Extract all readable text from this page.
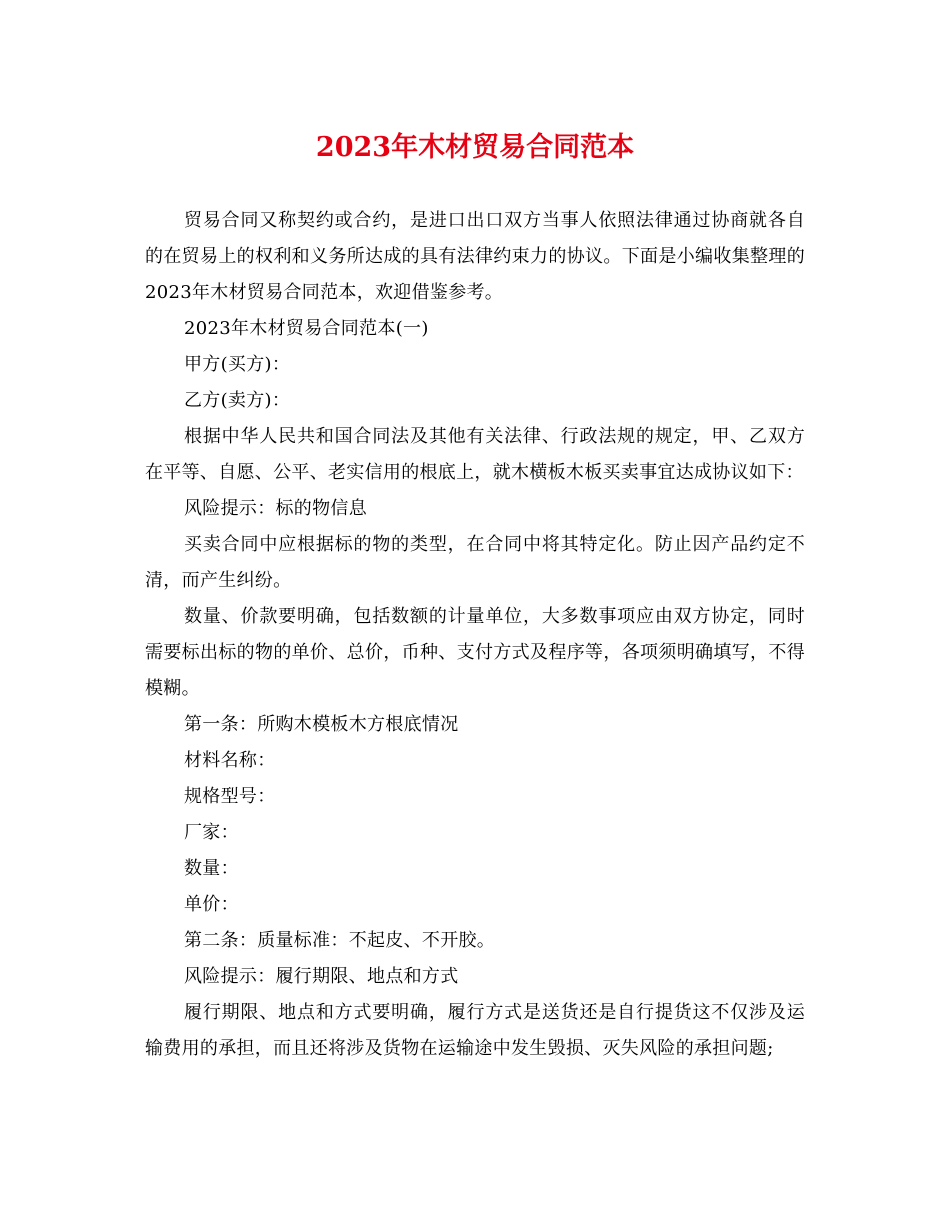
2023年木材贸易合同范本

贸易合同又称契约或合约，是进口出口双方当事人依照法律通过协商就各自的在贸易上的权利和义务所达成的具有法律约束力的协议。下面是小编收集整理的2023年木材贸易合同范本，欢迎借鉴参考。

2023年木材贸易合同范本(一)

甲方(买方)：

乙方(卖方)：

根据中华人民共和国合同法及其他有关法律、行政法规的规定，甲、乙双方在平等、自愿、公平、老实信用的根底上，就木横板木板买卖事宜达成协议如下：

风险提示：标的物信息

买卖合同中应根据标的物的类型，在合同中将其特定化。防止因产品约定不清，而产生纠纷。

数量、价款要明确，包括数额的计量单位，大多数事项应由双方协定，同时需要标出标的物的单价、总价，币种、支付方式及程序等，各项须明确填写，不得模糊。

第一条：所购木模板木方根底情况

材料名称：

规格型号：

厂家：

数量：

单价：

第二条：质量标准：不起皮、不开胶。

风险提示：履行期限、地点和方式

履行期限、地点和方式要明确，履行方式是送货还是自行提货这不仅涉及运输费用的承担，而且还将涉及货物在运输途中发生毁损、灭失风险的承担问题;
